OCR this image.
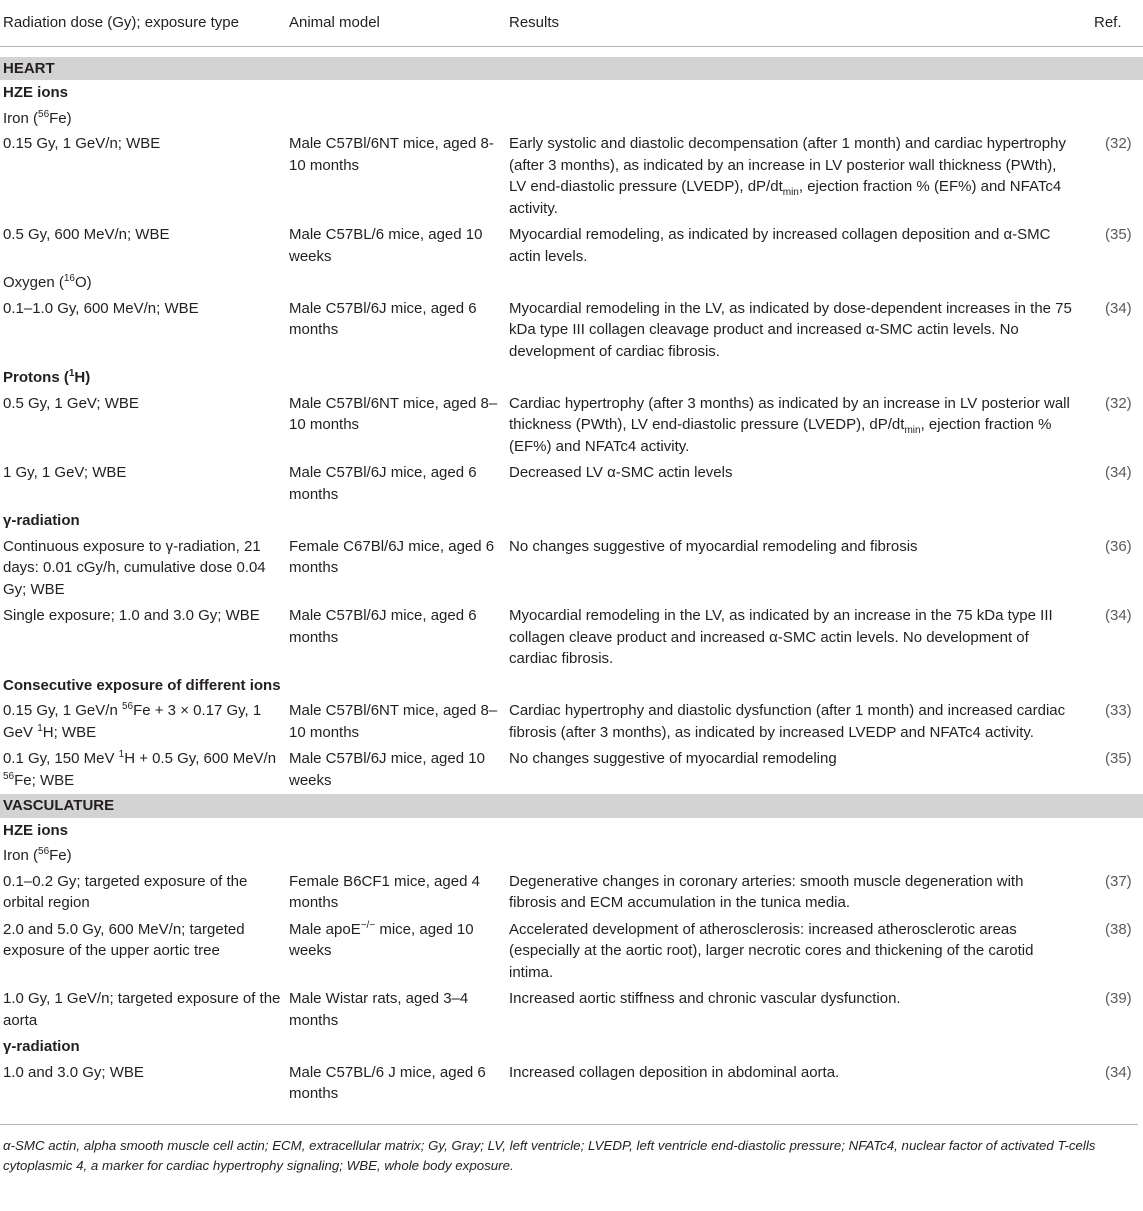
Radiation dose (Gy); exposure type	Animal model	Results	Ref.

HEART			
HZE ions			
Iron ($^{56}$Fe)			
0.15 Gy, 1 GeV/n; WBE	Male C57Bl/6NT mice, aged 8-10 months	Early systolic and diastolic decompensation (after 1 month) and cardiac hypertrophy (after 3 months), as indicated by an increase in LV posterior wall thickness (PWth), LV end-diastolic pressure (LVEDP), $dP/dt_{min}$, ejection fraction % (EF%) and NFATc4 activity.	(32)
0.5 Gy, 600 MeV/n; WBE	Male C57BL/6 mice, aged 10 weeks	Myocardial remodeling, as indicated by increased collagen deposition and α-SMC actin levels.	(35)
Oxygen ($^{16}$O)			
0.1–1.0 Gy, 600 MeV/n; WBE	Male C57Bl/6J mice, aged 6 months	Myocardial remodeling in the LV, as indicated by dose-dependent increases in the 75 kDa type III collagen cleavage product and increased α-SMC actin levels. No development of cardiac fibrosis.	(34)
Protons ($^1$H)			
0.5 Gy, 1 GeV; WBE	Male C57Bl/6NT mice, aged 8–10 months	Cardiac hypertrophy (after 3 months) as indicated by an increase in LV posterior wall thickness (PWth), LV end-diastolic pressure (LVEDP), $dP/dt_{min}$, ejection fraction % (EF%) and NFATc4 activity.	(32)
1 Gy, 1 GeV; WBE	Male C57Bl/6J mice, aged 6 months	Decreased LV α-SMC actin levels	(34)
γ-radiation			
Continuous exposure to γ-radiation, 21 days: 0.01 cGy/h, cumulative dose 0.04 Gy; WBE	Female C67Bl/6J mice, aged 6 months	No changes suggestive of myocardial remodeling and fibrosis	(36)
Single exposure; 1.0 and 3.0 Gy; WBE	Male C57Bl/6J mice, aged 6 months	Myocardial remodeling in the LV, as indicated by an increase in the 75 kDa type III collagen cleave product and increased α-SMC actin levels. No development of cardiac fibrosis.	(34)
Consecutive exposure of different ions			
0.15 Gy, 1 GeV/n $^{56}$Fe + 3 × 0.17 Gy, 1 GeV $^1$H; WBE	Male C57Bl/6NT mice, aged 8–10 months	Cardiac hypertrophy and diastolic dysfunction (after 1 month) and increased cardiac fibrosis (after 3 months), as indicated by increased LVEDP and NFATc4 activity.	(33)
0.1 Gy, 150 MeV $^1$H + 0.5 Gy, 600 MeV/n $^{56}$Fe; WBE	Male C57Bl/6J mice, aged 10 weeks	No changes suggestive of myocardial remodeling	(35)
VASCULATURE			
HZE ions			
Iron ($^{56}$Fe)			
0.1–0.2 Gy; targeted exposure of the orbital region	Female B6CF1 mice, aged 4 months	Degenerative changes in coronary arteries: smooth muscle degeneration with fibrosis and ECM accumulation in the tunica media.	(37)
2.0 and 5.0 Gy, 600 MeV/n; targeted exposure of the upper aortic tree	Male apoE−/− mice, aged 10 weeks	Accelerated development of atherosclerosis: increased atherosclerotic areas (especially at the aortic root), larger necrotic cores and thickening of the carotid intima.	(38)
1.0 Gy, 1 GeV/n; targeted exposure of the aorta	Male Wistar rats, aged 3–4 months	Increased aortic stiffness and chronic vascular dysfunction.	(39)
γ-radiation			
1.0 and 3.0 Gy; WBE	Male C57BL/6 J mice, aged 6 months	Increased collagen deposition in abdominal aorta.	(34)
α-SMC actin, alpha smooth muscle cell actin; ECM, extracellular matrix; Gy, Gray; LV, left ventricle; LVEDP, left ventricle end-diastolic pressure; NFATc4, nuclear factor of activated T-cells cytoplasmic 4, a marker for cardiac hypertrophy signaling; WBE, whole body exposure.
